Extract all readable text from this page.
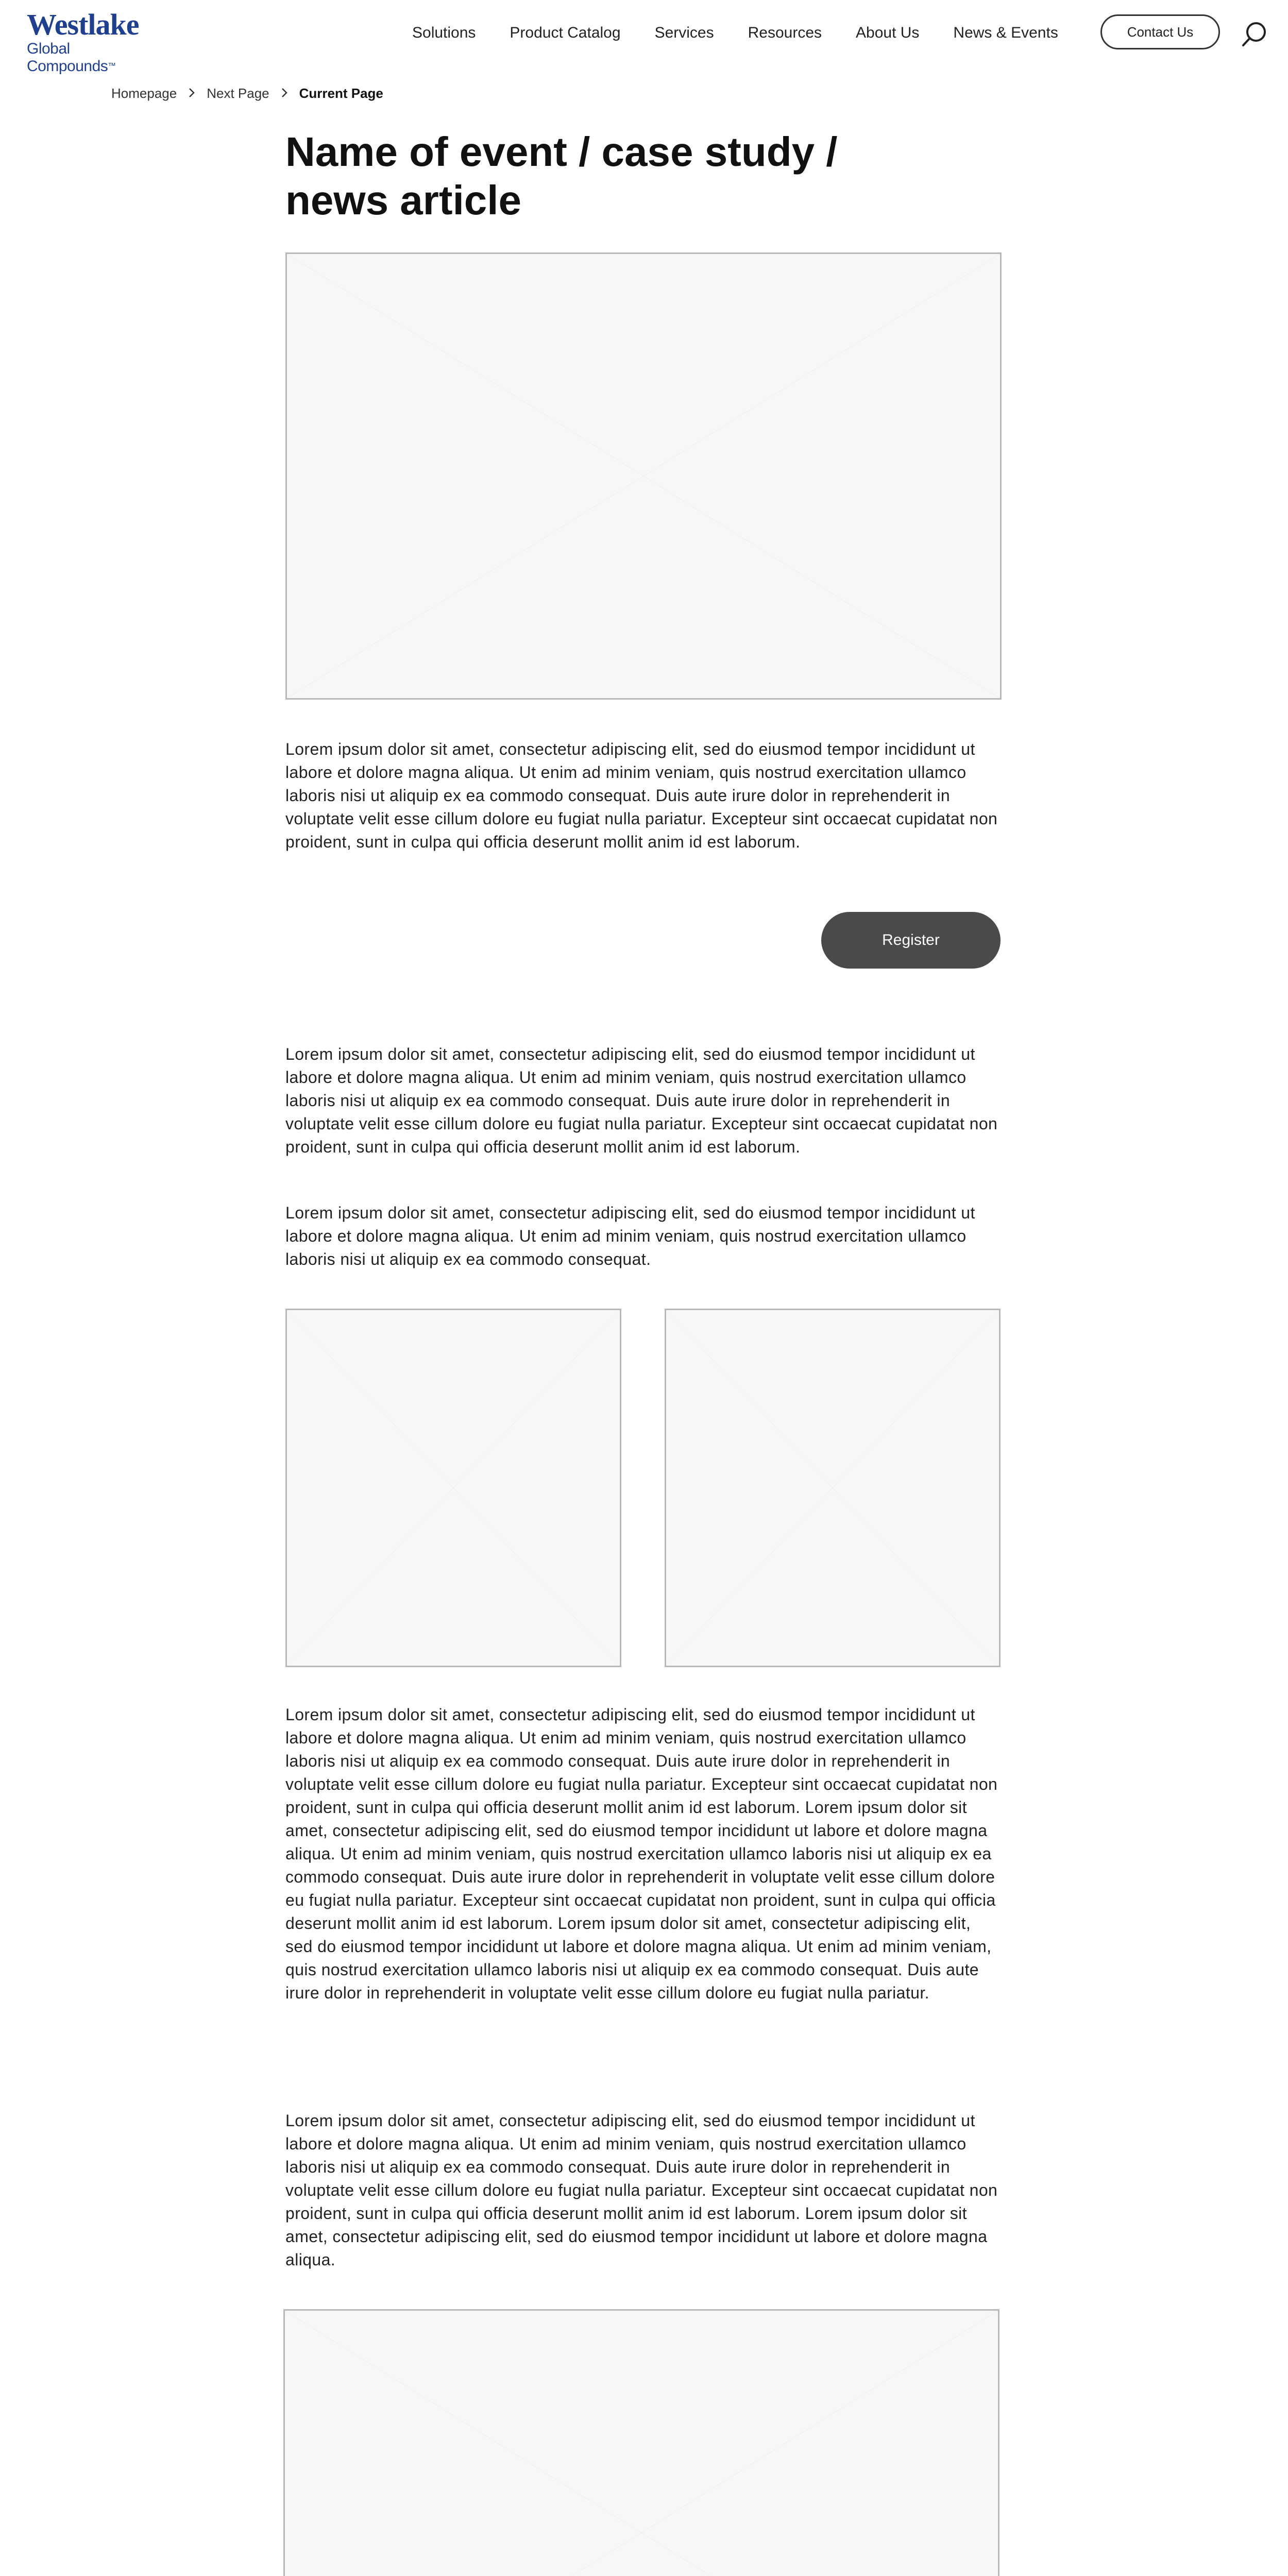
Westlake
Global Compounds™
Solutions Product Catalog Services Resources About Us News & Events	Contact Us
Homepage Next Page Current Page
Name of event / case study / news article

Lorem ipsum dolor sit amet, consectetur adipiscing elit, sed do eiusmod tempor incididunt ut labore et dolore magna aliqua. Ut enim ad minim veniam, quis nostrud exercitation ullamco laboris nisi ut aliquip ex ea commodo consequat. Duis aute irure dolor in reprehenderit in voluptate velit esse cillum dolore eu fugiat nulla pariatur. Excepteur sint occaecat cupidatat non proident, sunt in culpa qui officia deserunt mollit anim id est laborum.

Register

Lorem ipsum dolor sit amet, consectetur adipiscing elit, sed do eiusmod tempor incididunt ut labore et dolore magna aliqua. Ut enim ad minim veniam, quis nostrud exercitation ullamco laboris nisi ut aliquip ex ea commodo consequat. Duis aute irure dolor in reprehenderit in voluptate velit esse cillum dolore eu fugiat nulla pariatur. Excepteur sint occaecat cupidatat non proident, sunt in culpa qui officia deserunt mollit anim id est laborum.

Lorem ipsum dolor sit amet, consectetur adipiscing elit, sed do eiusmod tempor incididunt ut labore et dolore magna aliqua. Ut enim ad minim veniam, quis nostrud exercitation ullamco laboris nisi ut aliquip ex ea commodo consequat.

Lorem ipsum dolor sit amet, consectetur adipiscing elit, sed do eiusmod tempor incididunt ut labore et dolore magna aliqua. Ut enim ad minim veniam, quis nostrud exercitation ullamco laboris nisi ut aliquip ex ea commodo consequat. Duis aute irure dolor in reprehenderit in voluptate velit esse cillum dolore eu fugiat nulla pariatur. Excepteur sint occaecat cupidatat non proident, sunt in culpa qui officia deserunt mollit anim id est laborum. Lorem ipsum dolor sit amet, consectetur adipiscing elit, sed do eiusmod tempor incididunt ut labore et dolore magna aliqua. Ut enim ad minim veniam, quis nostrud exercitation ullamco laboris nisi ut aliquip ex ea commodo consequat. Duis aute irure dolor in reprehenderit in voluptate velit esse cillum dolore eu fugiat nulla pariatur. Excepteur sint occaecat cupidatat non proident, sunt in culpa qui officia deserunt mollit anim id est laborum. Lorem ipsum dolor sit amet, consectetur adipiscing elit, sed do eiusmod tempor incididunt ut labore et dolore magna aliqua. Ut enim ad minim veniam, quis nostrud exercitation ullamco laboris nisi ut aliquip ex ea commodo consequat. Duis aute irure dolor in reprehenderit in voluptate velit esse cillum dolore eu fugiat nulla pariatur.

Lorem ipsum dolor sit amet, consectetur adipiscing elit, sed do eiusmod tempor incididunt ut labore et dolore magna aliqua. Ut enim ad minim veniam, quis nostrud exercitation ullamco laboris nisi ut aliquip ex ea commodo consequat. Duis aute irure dolor in reprehenderit in voluptate velit esse cillum dolore eu fugiat nulla pariatur. Excepteur sint occaecat cupidatat non proident, sunt in culpa qui officia deserunt mollit anim id est laborum. Lorem ipsum dolor sit amet, consectetur adipiscing elit, sed do eiusmod tempor incididunt ut labore et dolore magna aliqua.
